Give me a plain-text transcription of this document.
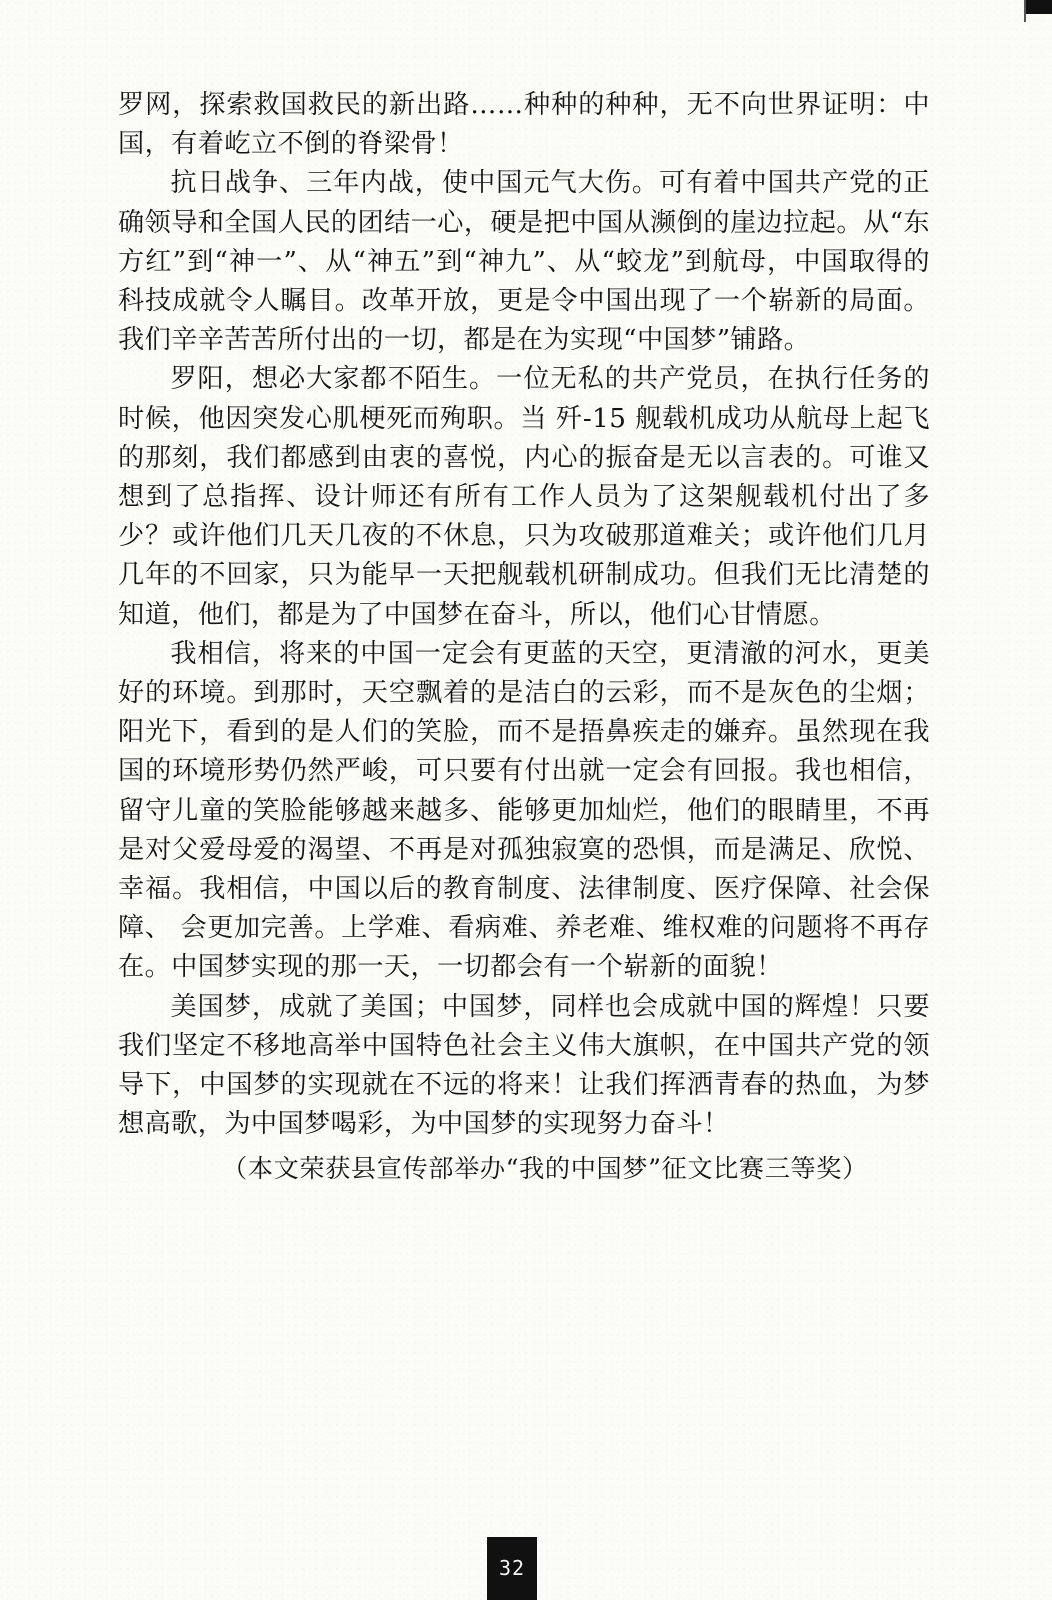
罗网，探索救国救民的新出路……种种的种种，无不向世界证明：中国，有着屹立不倒的脊梁骨！

抗日战争、三年内战，使中国元气大伤。可有着中国共产党的正确领导和全国人民的团结一心，硬是把中国从濒倒的崖边拉起。从“东方红”到“神一”、从“神五”到“神九”、从“蛟龙”到航母，中国取得的科技成就令人瞩目。改革开放，更是令中国出现了一个崭新的局面。我们辛辛苦苦所付出的一切，都是在为实现“中国梦”铺路。

罗阳，想必大家都不陌生。一位无私的共产党员，在执行任务的时候，他因突发心肌梗死而殉职。当 歼-15 舰载机成功从航母上起飞的那刻，我们都感到由衷的喜悦，内心的振奋是无以言表的。可谁又想到了总指挥、设计师还有所有工作人员为了这架舰载机付出了多少？或许他们几天几夜的不休息，只为攻破那道难关；或许他们几月几年的不回家，只为能早一天把舰载机研制成功。但我们无比清楚的知道，他们，都是为了中国梦在奋斗，所以，他们心甘情愿。

我相信，将来的中国一定会有更蓝的天空，更清澈的河水，更美好的环境。到那时，天空飘着的是洁白的云彩，而不是灰色的尘烟；阳光下，看到的是人们的笑脸，而不是捂鼻疾走的嫌弃。虽然现在我国的环境形势仍然严峻，可只要有付出就一定会有回报。我也相信，留守儿童的笑脸能够越来越多、能够更加灿烂，他们的眼睛里，不再是对父爱母爱的渴望、不再是对孤独寂寞的恐惧，而是满足、欣悦、幸福。我相信，中国以后的教育制度、法律制度、医疗保障、社会保障、 会更加完善。上学难、看病难、养老难、维权难的问题将不再存在。中国梦实现的那一天，一切都会有一个崭新的面貌！

美国梦，成就了美国；中国梦，同样也会成就中国的辉煌！只要我们坚定不移地高举中国特色社会主义伟大旗帜，在中国共产党的领导下，中国梦的实现就在不远的将来！让我们挥洒青春的热血，为梦想高歌，为中国梦喝彩，为中国梦的实现努力奋斗！

（本文荣获县宣传部举办“我的中国梦”征文比赛三等奖）

32
